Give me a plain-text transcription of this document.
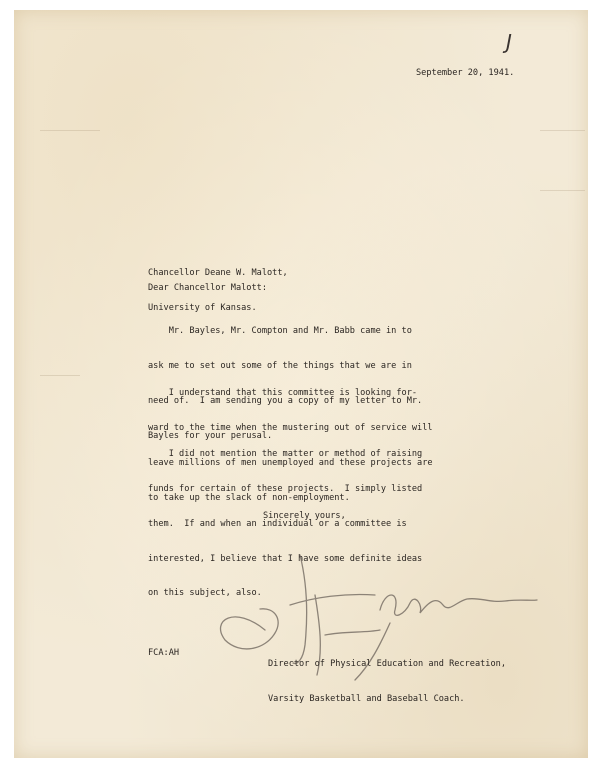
J
September 20, 1941.

Chancellor Deane W. Malott,

University of Kansas.

Dear Chancellor Malott:

Mr. Bayles, Mr. Compton and Mr. Babb came in to

ask me to set out some of the things that we are in

need of.  I am sending you a copy of my letter to Mr.

Bayles for your perusal.

I understand that this committee is looking for-

ward to the time when the mustering out of service will

leave millions of men unemployed and these projects are

to take up the slack of non-employment.

I did not mention the matter or method of raising

funds for certain of these projects.  I simply listed

them.  If and when an individual or a committee is

interested, I believe that I have some definite ideas

on this subject, also.

Sincerely yours,

Director of Physical Education and Recreation,

Varsity Basketball and Baseball Coach.

FCA:AH
